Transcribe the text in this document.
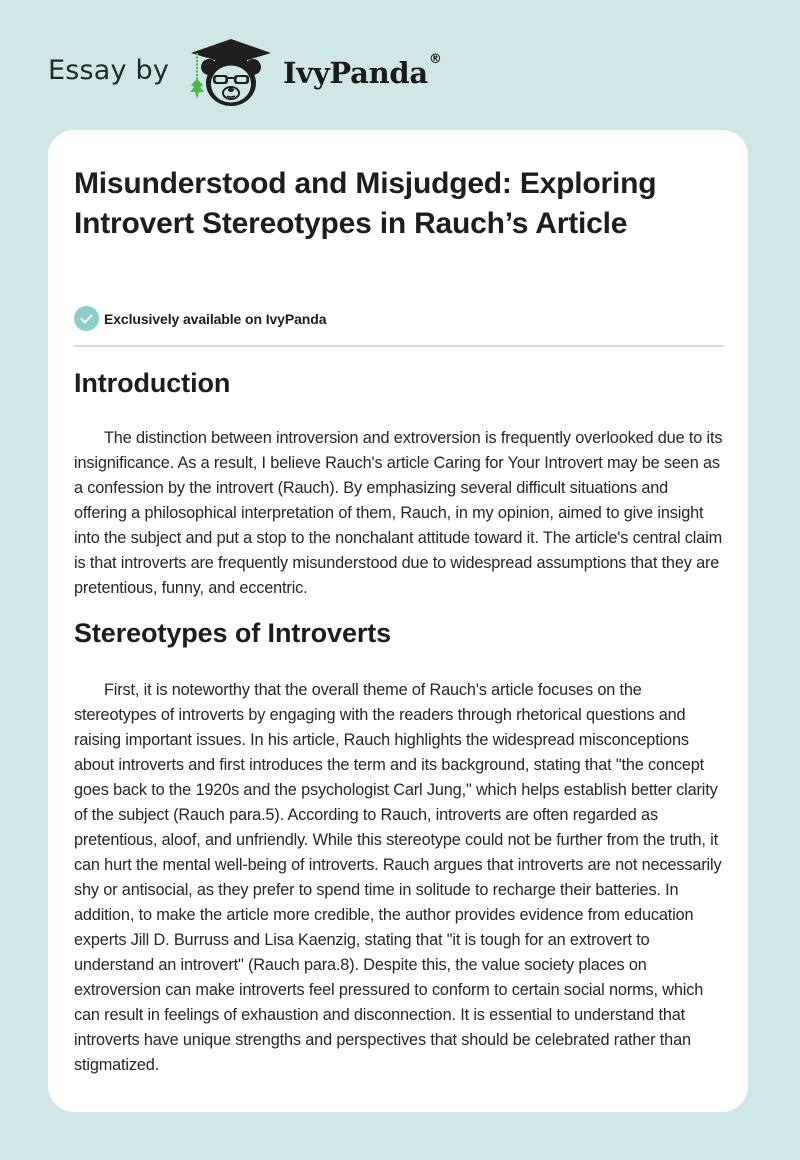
Essay by	IvyPanda®
Misunderstood and Misjudged: Exploring Introvert Stereotypes in Rauch’s Article
Exclusively available on IvyPanda
Introduction

The distinction between introversion and extroversion is frequently overlooked due to its insignificance. As a result, I believe Rauch's article Caring for Your Introvert may be seen as a confession by the introvert (Rauch). By emphasizing several difficult situations and offering a philosophical interpretation of them, Rauch, in my opinion, aimed to give insight into the subject and put a stop to the nonchalant attitude toward it. The article's central claim is that introverts are frequently misunderstood due to widespread assumptions that they are pretentious, funny, and eccentric.

Stereotypes of Introverts

First, it is noteworthy that the overall theme of Rauch's article focuses on the stereotypes of introverts by engaging with the readers through rhetorical questions and raising important issues. In his article, Rauch highlights the widespread misconceptions about introverts and first introduces the term and its background, stating that "the concept goes back to the 1920s and the psychologist Carl Jung," which helps establish better clarity of the subject (Rauch para.5). According to Rauch, introverts are often regarded as pretentious, aloof, and unfriendly. While this stereotype could not be further from the truth, it can hurt the mental well-being of introverts. Rauch argues that introverts are not necessarily shy or antisocial, as they prefer to spend time in solitude to recharge their batteries. In addition, to make the article more credible, the author provides evidence from education experts Jill D. Burruss and Lisa Kaenzig, stating that "it is tough for an extrovert to understand an introvert" (Rauch para.8). Despite this, the value society places on extroversion can make introverts feel pressured to conform to certain social norms, which can result in feelings of exhaustion and disconnection. It is essential to understand that introverts have unique strengths and perspectives that should be celebrated rather than stigmatized.
